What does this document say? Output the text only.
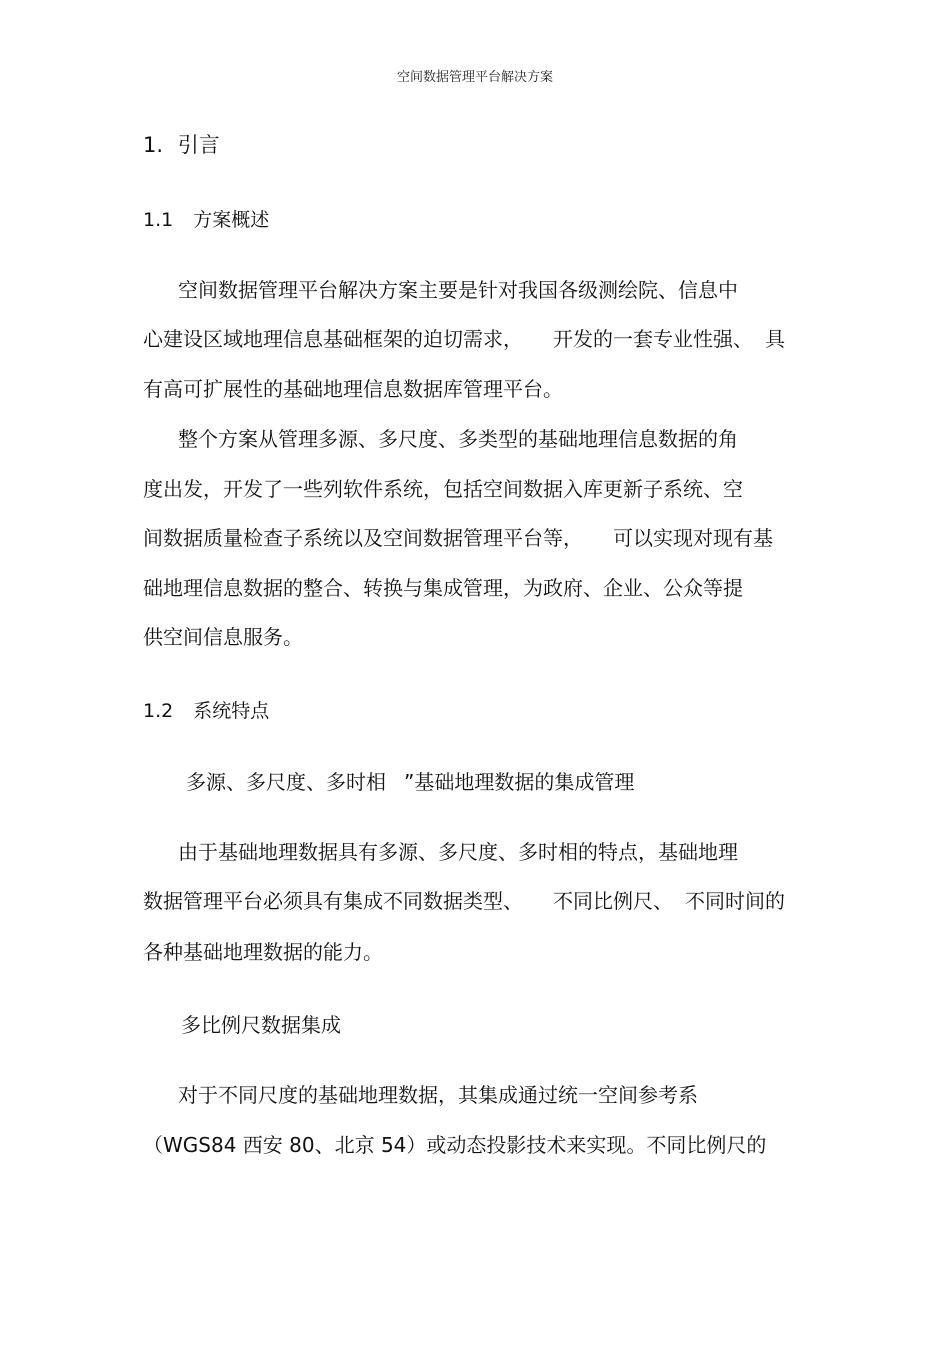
空间数据管理平台解决方案
1. 引言
1.1 方案概述
空间数据管理平台解决方案主要是针对我国各级测绘院、信息中
心建设区域地理信息基础框架的迫切需求， 开发的一套专业性强、 具
有高可扩展性的基础地理信息数据库管理平台。
整个方案从管理多源、多尺度、多类型的基础地理信息数据的角
度出发，开发了一些列软件系统，包括空间数据入库更新子系统、空
间数据质量检查子系统以及空间数据管理平台等， 可以实现对现有基
础地理信息数据的整合、转换与集成管理，为政府、企业、公众等提
供空间信息服务。
1.2 系统特点
多源、多尺度、多时相 ”基础地理数据的集成管理
由于基础地理数据具有多源、多尺度、多时相的特点，基础地理
数据管理平台必须具有集成不同数据类型、 不同比例尺、 不同时间的
各种基础地理数据的能力。
多比例尺数据集成
对于不同尺度的基础地理数据，其集成通过统一空间参考系
（WGS84 西安 80、北京 54）或动态投影技术来实现。不同比例尺的
